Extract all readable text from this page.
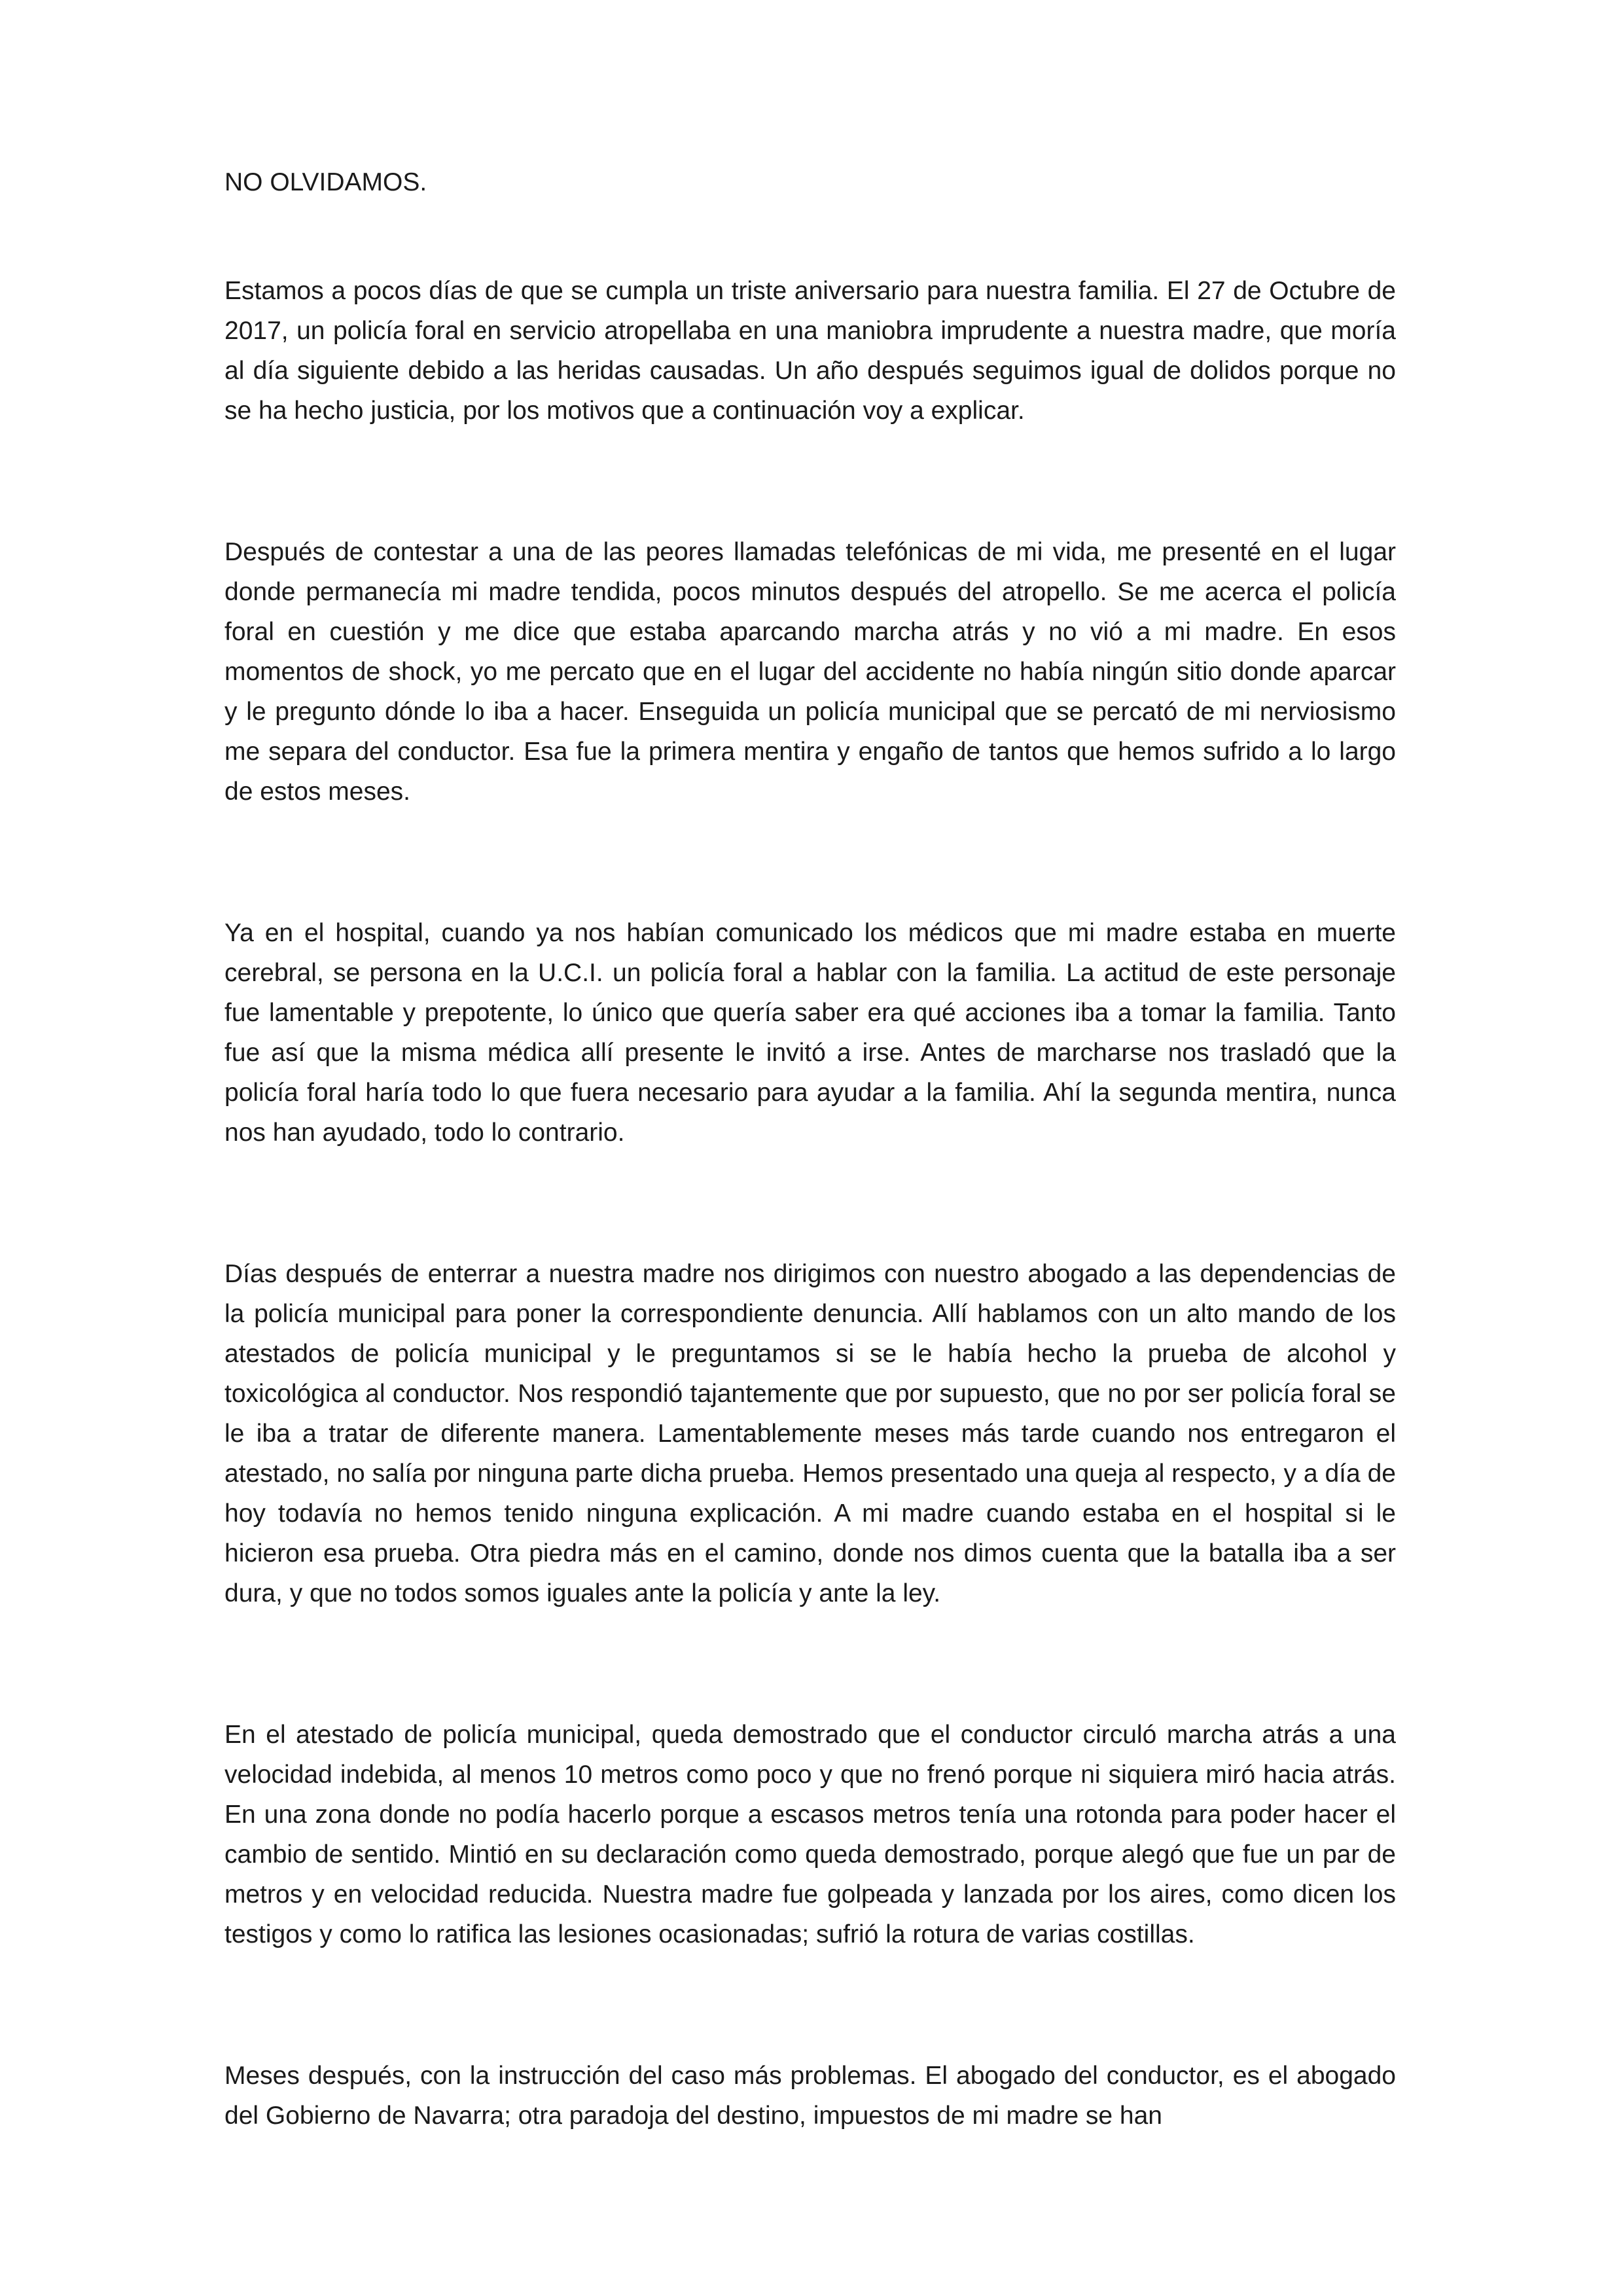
NO OLVIDAMOS.

Estamos a pocos días de que se cumpla un triste aniversario para nuestra familia. El 27 de Octubre de 2017, un policía foral en servicio atropellaba en una maniobra imprudente a nuestra madre, que moría al día siguiente debido a las heridas causadas. Un año después seguimos igual de dolidos porque no se ha hecho justicia, por los motivos que a continuación voy a explicar.

Después de contestar a una de las peores llamadas telefónicas de mi vida, me presenté en el lugar donde permanecía mi madre tendida, pocos minutos después del atropello. Se me acerca el policía foral en cuestión y me dice que estaba aparcando marcha atrás y no vió a mi madre. En esos momentos de shock, yo me percato que en el lugar del accidente no había ningún sitio donde aparcar y le pregunto dónde lo iba a hacer. Enseguida un policía municipal que se percató de mi nerviosismo me separa del conductor. Esa fue la primera mentira y engaño de tantos que hemos sufrido a lo largo de estos meses.

Ya en el hospital, cuando ya nos habían comunicado los médicos que mi madre estaba en muerte cerebral, se persona en la U.C.I. un policía foral a hablar con la familia. La actitud de este personaje fue lamentable y prepotente, lo único que quería saber era qué acciones iba a tomar la familia. Tanto fue así que la misma médica allí presente le invitó a irse. Antes de marcharse nos trasladó que la policía foral haría todo lo que fuera necesario para ayudar a la familia. Ahí la segunda mentira, nunca nos han ayudado, todo lo contrario.

Días después de enterrar a nuestra madre nos dirigimos con nuestro abogado a las dependencias de la policía municipal para poner la correspondiente denuncia. Allí hablamos con un alto mando de los atestados de policía municipal y le preguntamos si se le había hecho la prueba de alcohol y toxicológica al conductor. Nos respondió tajantemente que por supuesto, que no por ser policía foral se le iba a tratar de diferente manera. Lamentablemente meses más tarde cuando nos entregaron el atestado, no salía por ninguna parte dicha prueba. Hemos presentado una queja al respecto, y a día de hoy todavía no hemos tenido ninguna explicación. A mi madre cuando estaba en el hospital si le hicieron esa prueba. Otra piedra más en el camino, donde nos dimos cuenta que la batalla iba a ser dura, y que no todos somos iguales ante la policía y ante la ley.

En el atestado de policía municipal, queda demostrado que el conductor circuló marcha atrás a una velocidad indebida, al menos 10 metros como poco y que no frenó porque ni siquiera miró hacia atrás. En una zona donde no podía hacerlo porque a escasos metros tenía una rotonda para poder hacer el cambio de sentido. Mintió en su declaración como queda demostrado, porque alegó que fue un par de metros y en velocidad reducida. Nuestra madre fue golpeada y lanzada por los aires, como dicen los testigos y como lo ratifica las lesiones ocasionadas; sufrió la rotura de varias costillas.

Meses después, con la instrucción del caso más problemas. El abogado del conductor, es el abogado del Gobierno de Navarra; otra paradoja del destino, impuestos de mi madre se han
